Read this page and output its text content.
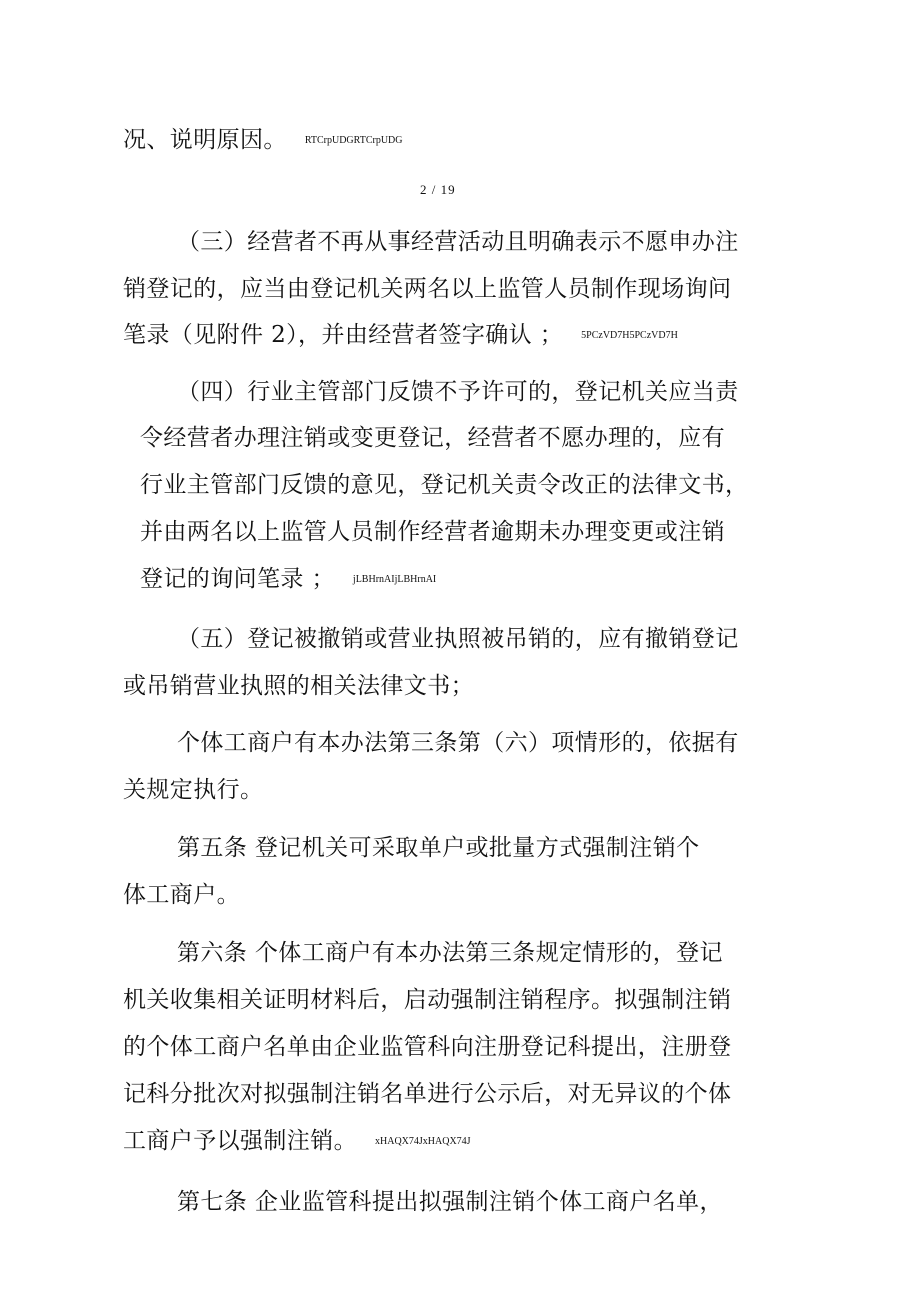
况、说明原因。 RTCrpUDGRTCrpUDG
2 / 19
（三）经营者不再从事经营活动且明确表示不愿申办注
销登记的，应当由登记机关两名以上监管人员制作现场询问
笔录（见附件 2），并由经营者签字确认 ； 5PCzVD7H5PCzVD7H
（四）行业主管部门反馈不予许可的，登记机关应当责
令经营者办理注销或变更登记，经营者不愿办理的，应有
行业主管部门反馈的意见，登记机关责令改正的法律文书，
并由两名以上监管人员制作经营者逾期未办理变更或注销
登记的询问笔录 ； jLBHrnAIjLBHrnAI
（五）登记被撤销或营业执照被吊销的，应有撤销登记
或吊销营业执照的相关法律文书；
个体工商户有本办法第三条第（六）项情形的，依据有
关规定执行。
第五条 登记机关可采取单户或批量方式强制注销个
体工商户。
第六条 个体工商户有本办法第三条规定情形的，登记
机关收集相关证明材料后，启动强制注销程序。拟强制注销
的个体工商户名单由企业监管科向注册登记科提出，注册登
记科分批次对拟强制注销名单进行公示后，对无异议的个体
工商户予以强制注销。 xHAQX74JxHAQX74J
第七条 企业监管科提出拟强制注销个体工商户名单，
